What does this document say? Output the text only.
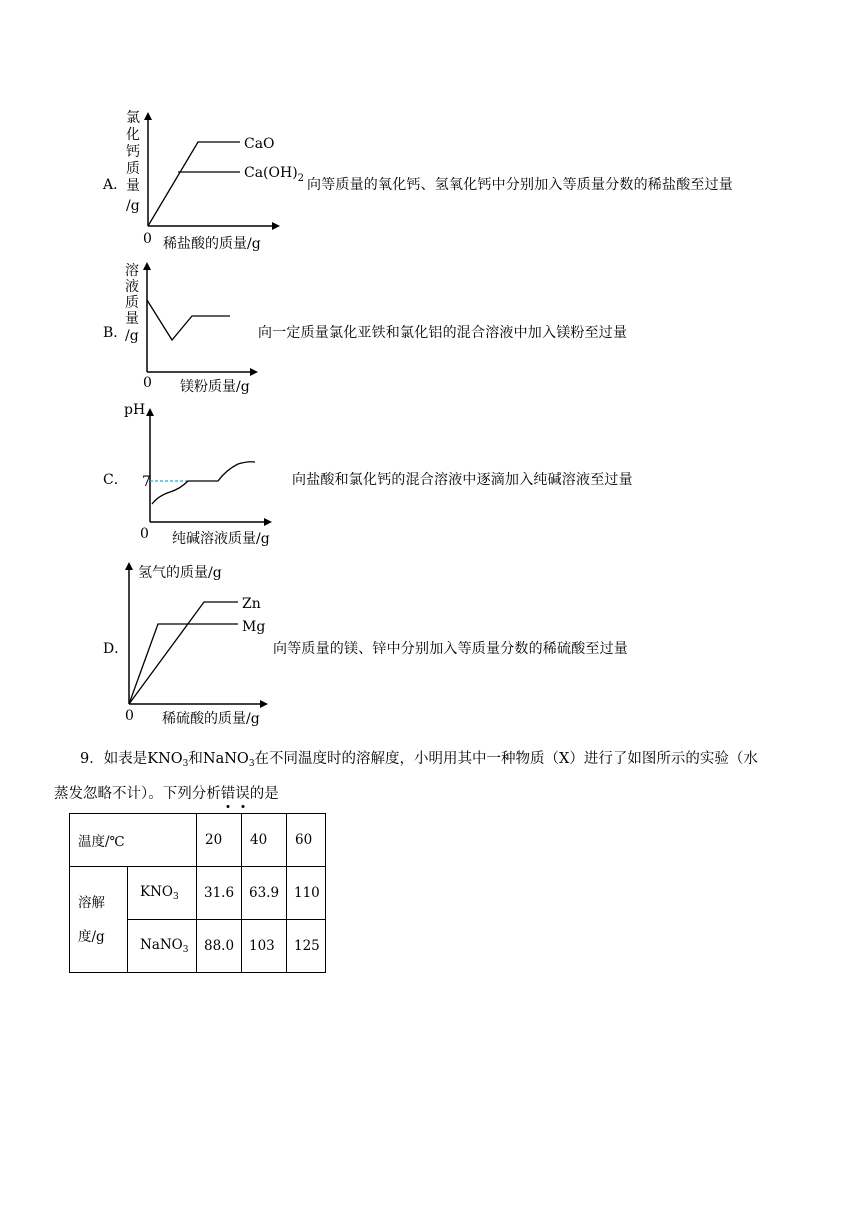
A．
氯
化
钙
质
量
/g
CaO
$Ca(OH)_2$
0 稀盐酸的质量/g
向等质量的氧化钙、氢氧化钙中分别加入等质量分数的稀盐酸至过量
B．
溶
液
质
量
/g
0 镁粉质量/g
向一定质量氯化亚铁和氯化铝的混合溶液中加入镁粉至过量
C．
pH
7
0 纯碱溶液质量/g
向盐酸和氯化钙的混合溶液中逐滴加入纯碱溶液至过量
D．
氢气的质量/g
Zn
Mg
0 稀硫酸的质量/g
向等质量的镁、锌中分别加入等质量分数的稀硫酸至过量
9．如表是$KNO_3$和NaNO$_3$在不同温度时的溶解度，小明用其中一种物质（X）进行了如图所示的实验（水
蒸发忽略不计）。下列分析错误的是
温度/℃		20	40	60

溶解
度/g	$KNO_3$	31.6	63.9	110
	NaNO$_3$	88.0	103	125
